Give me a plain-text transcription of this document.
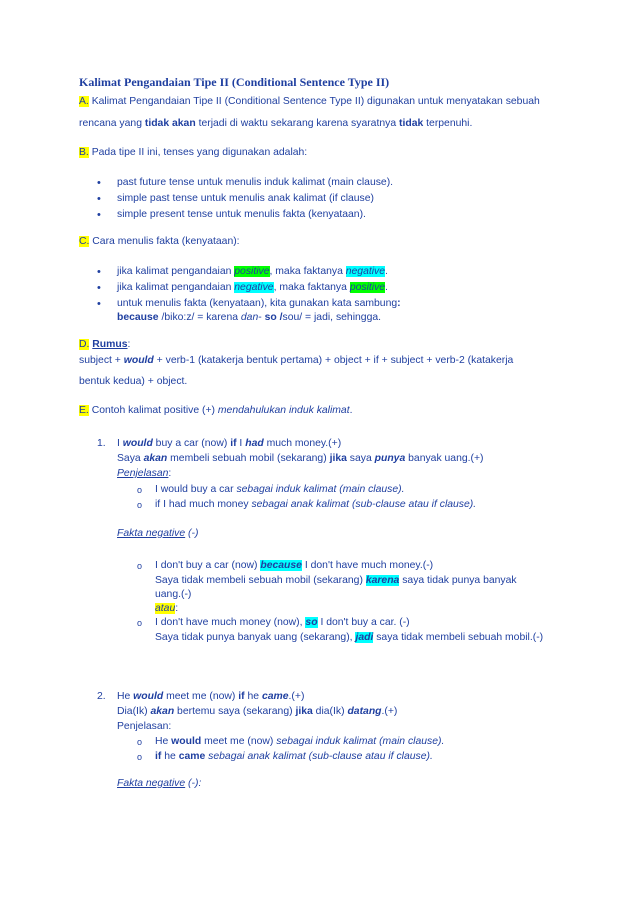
Kalimat Pengandaian Tipe II (Conditional Sentence Type II)
A. Kalimat Pengandaian Tipe II (Conditional Sentence Type II) digunakan untuk menyatakan sebuah
rencana yang tidak akan terjadi di waktu sekarang karena syaratnya tidak terpenuhi.
B. Pada tipe II ini, tenses yang digunakan adalah:
• past future tense untuk menulis induk kalimat (main clause).
• simple past tense untuk menulis anak kalimat (if clause)
• simple present tense untuk menulis fakta (kenyataan).
C. Cara menulis fakta (kenyataan):
• jika kalimat pengandaian positive, maka faktanya negative.
• jika kalimat pengandaian negative, maka faktanya positive.
• untuk menulis fakta (kenyataan), kita gunakan kata sambung:
because /biko:z/ = karena dan- so /sou/ = jadi, sehingga.
D. Rumus:
subject + would + verb-1 (katakerja bentuk pertama) + object + if + subject + verb-2 (katakerja
bentuk kedua) + object.
E. Contoh kalimat positive (+) mendahulukan induk kalimat.
1. I would buy a car (now) if I had much money.(+)
Saya akan membeli sebuah mobil (sekarang) jika saya punya banyak uang.(+)
Penjelasan:
o I would buy a car sebagai induk kalimat (main clause).
o if I had much money sebagai anak kalimat (sub-clause atau if clause).
Fakta negative (-)
o I don't buy a car (now) because I don't have much money.(-)
Saya tidak membeli sebuah mobil (sekarang) karena saya tidak punya banyak
uang.(-)
atau:
o I don't have much money (now), so I don't buy a car. (-)
Saya tidak punya banyak uang (sekarang), jadi saya tidak membeli sebuah mobil.(-)
2. He would meet me (now) if he came.(+)
Dia(Ik) akan bertemu saya (sekarang) jika dia(Ik) datang.(+)
Penjelasan:
o He would meet me (now) sebagai induk kalimat (main clause).
o if he came sebagai anak kalimat (sub-clause atau if clause).
Fakta negative (-):
